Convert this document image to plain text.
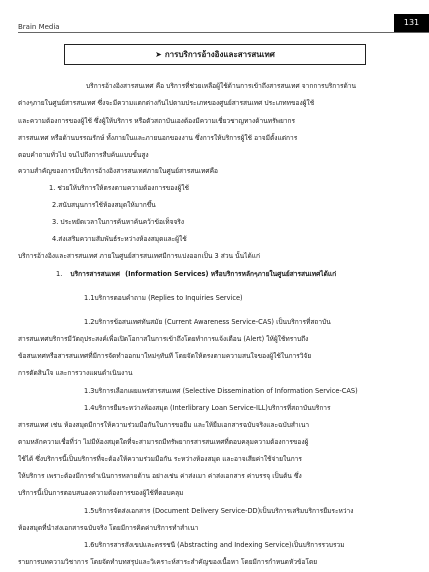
Brain Media	131
➤ การบริการอ้างอิงและสารสนเทศ
บริการอ้างอิงสารสนเทศ คือ บริการที่ช่วยเหลือผู้ใช้ด้านการเข้าถึงสารสนเทศ จากการบริการด้าน
ต่างๆภายในศูนย์สารสนเทศ ซึ่งจะมีความแตกต่างกันไปตามประเภทของศูนย์สารสนเทศ ประเภททของผู้ใช้
และความต้องการของผู้ใช้ ซึ่งผู้ให้บริการ หรือตัวสถาบันเองต้องมีความเชี่ยวชาญทางด้านทรัพยากร
สารสนเทศ หรือด้านบรรณรักษ์ ทั้งภายในและภายนอกของงาน ซึ่งการให้บริการผู้ใช้ อาจมีตั้งแต่การ
ตอบคำถามทั่วไป จนไปถึงการสืบค้นแบบขั้นสูง
ความสำคัญของการมีบริการอ้างอิงสารสนเทศภายในศูนย์สารสนเทศคือ
1. ช่วยให้บริการให้ตรงตามความต้องการของผู้ใช้
2.สนับสนุนการใช้ห้องสมุดให้มากขึ้น
3. ประหยัดเวลาในการค้นหาค้นคว้าข้อเท็จจริง
4.ส่งเสริมความสัมพันธ์ระหว่างห้องสมุดและผู้ใช้
บริการอ้างอิงและสารสนเทศ ภายในศูนย์สารสนเทศมีการแบ่งออกเป็น 3 ส่วน นั้นได้แก่
1. บริการสารสนเทศ (Information Services) หรือบริการหลักๆภายในศูนย์สารสนเทศได้แก่
1.1บริการตอบคำถาม (Replies to Inquiries Service)
1.2บริการข้อสนเทศทันสมัย (Current Awareness Service-CAS) เป็นบริการที่สถาบัน
สารสนเทศบริการมีวัตถุประสงค์เพื่อเปิดโอกาสในการเข้าถึงโดยทำการแจ้งเตือน (Alert) ให้ผู้ใช้ทราบถึง
ข้อสนเทศหรือสารสนเทศที่มีการจัดทำออกมาใหม่ๆทันที โดยจัดให้ตรงตามความสนใจของผู้ใช้ในการวิจัย
การตัดสินใจ และการวางแผนดำเนินงาน
1.3บริการเลือกเผยแพร่สารสนเทศ (Selective Dissemination of Information Service-CAS)
1.4บริการยืมระหว่างห้องสมุด (Interlibrary Loan Service-ILL)บริการที่สถาบันบริการ
สารสนเทศ เช่น ห้องสมุดมีการให้ความร่วมมือกันในการขอยืม และให้ยืมเอกสารฉบับจริงและฉบับสำเนา
ตามหลักความเชื่อที่ว่า ไม่มีห้องสมุดใดที่จะสามารถมีทรัพยากรสารสนเทศที่ตอบคลุมความต้องการของผู้
ใช้ได้ ซึ่งบริการนี้เป็นบริการที่จะต้องให้ความร่วมมือกัน ระหว่างห้องสมุด และอาจเสียค่าใช้จ่ายในการ
ให้บริการ เพราะต้องมีการดำเนินการหลายด้าน อย่างเช่น ค่าส่งเมา ค่าส่งเอกสาร ค่าบรรจุ เป็นต้น ซึ่ง
บริการนี้เป็นการตอบสนองความต้องการของผู้ใช้ที่ตอบคลุม
1.5บริการจัดส่งเอกสาร (Document Delivery Service-DD)เป็นบริการเสริมบริการยืมระหว่าง
ห้องสมุดที่นำส่งเอกสารฉบับจริง โดยมีการคิดค่าบริการทำสำเนา
1.6บริการสารสังเขปและดรรชนี (Abstracting and Indexing Service)เป็นบริการรวบรวม
รายการบทความวิชาการ โดยจัดทำบทสรุปและวิเคราะห์สาระสำคัญของเนื้อหา โดยมีการกำหนดหัวข้อโดย
